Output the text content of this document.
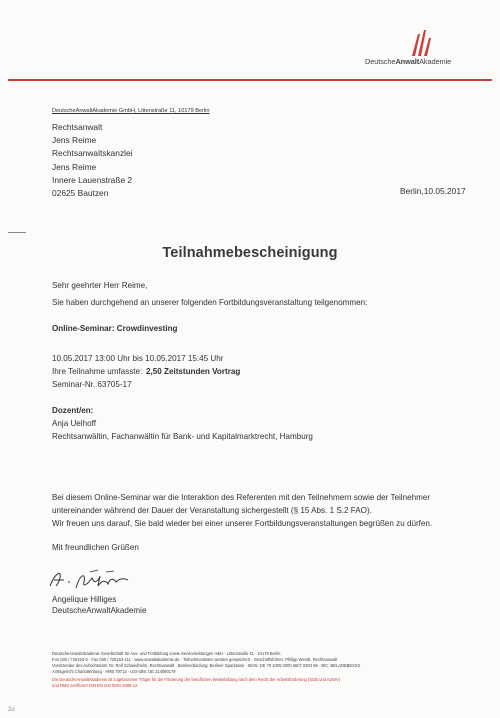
DeutscheAnwaltAkademie
DeutscheAnwaltAkademie GmbH, Littenstraße 11, 10179 Berlin
Rechtsanwalt
Jens Reime
Rechtsanwaltskanzlei
Jens Reime
Innere Lauenstraße 2
02625 Bautzen	Berlin,10.05.2017
Teilnahmebescheinigung
Sehr geehrter Herr Reime,
Sie haben durchgehend an unserer folgenden Fortbildungsveranstaltung teilgenommen:
Online-Seminar: Crowdinvesting
10.05.2017 13:00 Uhr bis 10.05.2017 15:45 Uhr
Ihre Teilnahme umfasste: 2,50 Zeitstunden Vortrag
Seminar-Nr. 63705-17
Dozent/en:
Anja Uelhoff
Rechtsanwältin, Fachanwältin für Bank- und Kapitalmarktrecht, Hamburg
Bei diesem Online-Seminar war die Interaktion des Referenten mit den Teilnehmern sowie der Teilnehmer
untereinander während der Dauer der Veranstaltung sichergestellt (§ 15 Abs. 1 S.2 FAO).
Wir freuen uns darauf, Sie bald wieder bei einer unserer Fortbildungsveranstaltungen begrüßen zu dürfen.
Mit freundlichen Grüßen
Angelique Hilliges
DeutscheAnwaltAkademie
DeutscheAnwaltAkademie Gesellschaft für Aus- und Fortbildung sowie Serviceleistungen mbH · Littenstraße 11 · 10179 Berlin
Fon 030 / 726153-0 · Fax 030 / 726153-111 · www.anwaltakademie.de · Teilnehmerdaten werden gespeichert · Geschäftsführer: Philipp Wendt, Rechtsanwalt
Vorsitzender des Aufsichtsrats: Dr. Rolf Schwedhelm, Rechtsanwalt · Bankverbindung: Berliner Sparkasse · IBAN: DE 79 1005 0000 6607 0304 69 · BIC: BELADEBEXXX
Amtsgericht Charlottenburg · HRB 79713 · USt-IdNr. DE 214090179
Die DeutscheAnwaltAkademie ist zugelassener Träger für die Förderung der beruflichen Weiterbildung nach dem Recht der Arbeitsförderung (SGB und AZWV)
und DMS zertifiziert DIN EN ISO 9001:2008-12.
2o
